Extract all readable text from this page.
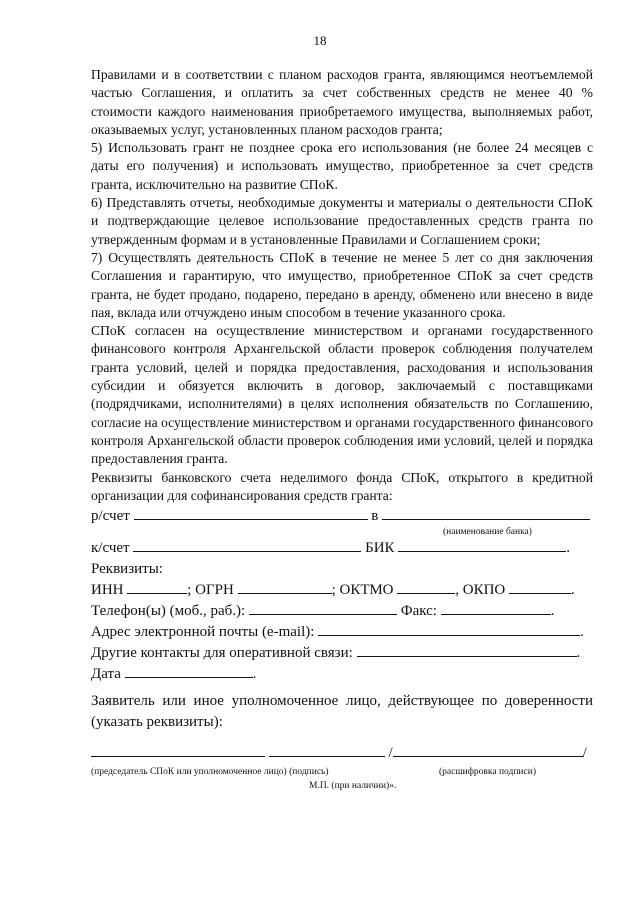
18

Правилами и в соответствии с планом расходов гранта, являющимся неотъемлемой частью Соглашения, и оплатить за счет собственных средств не менее 40 % стоимости каждого наименования приобретаемого имущества, выполняемых работ, оказываемых услуг, установленных планом расходов гранта;

5) Использовать грант не позднее срока его использования (не более 24 месяцев с даты его получения) и использовать имущество, приобретенное за счет средств гранта, исключительно на развитие СПоК.

6) Представлять отчеты, необходимые документы и материалы о деятельности СПоК и подтверждающие целевое использование предоставленных средств гранта по утвержденным формам и в установленные Правилами и Соглашением сроки;

7) Осуществлять деятельность СПоК в течение не менее 5 лет со дня заключения Соглашения и гарантирую, что имущество, приобретенное СПоК за счет средств гранта, не будет продано, подарено, передано в аренду, обменено или внесено в виде пая, вклада или отчуждено иным способом в течение указанного срока.

СПоК согласен на осуществление министерством и органами государственного финансового контроля Архангельской области проверок соблюдения получателем гранта условий, целей и порядка предоставления, расходования и использования субсидии и обязуется включить в договор, заключаемый с поставщиками (подрядчиками, исполнителями) в целях исполнения обязательств по Соглашению, согласие на осуществление министерством и органами государственного финансового контроля Архангельской области проверок соблюдения ими условий, целей и порядка предоставления гранта.

Реквизиты банковского счета неделимого фонда СПоК, открытого в кредитной организации для софинансирования средств гранта:

р/счет	в

(наименование банка)

к/счет	БИК	.

Реквизиты:

ИНН	; ОГРН	; ОКТМО	, ОКПО	.

Телефон(ы) (моб., раб.):	Факс:	.

Адрес электронной почты (e-mail):	.

Другие контакты для оперативной связи:	.

Дата	.

Заявитель или иное уполномоченное лицо, действующее по доверенности (указать реквизиты):

/	/

(председатель СПоК или уполномоченное лицо) (подпись)	(расшифровка подписи)

М.П. (при наличии)».
